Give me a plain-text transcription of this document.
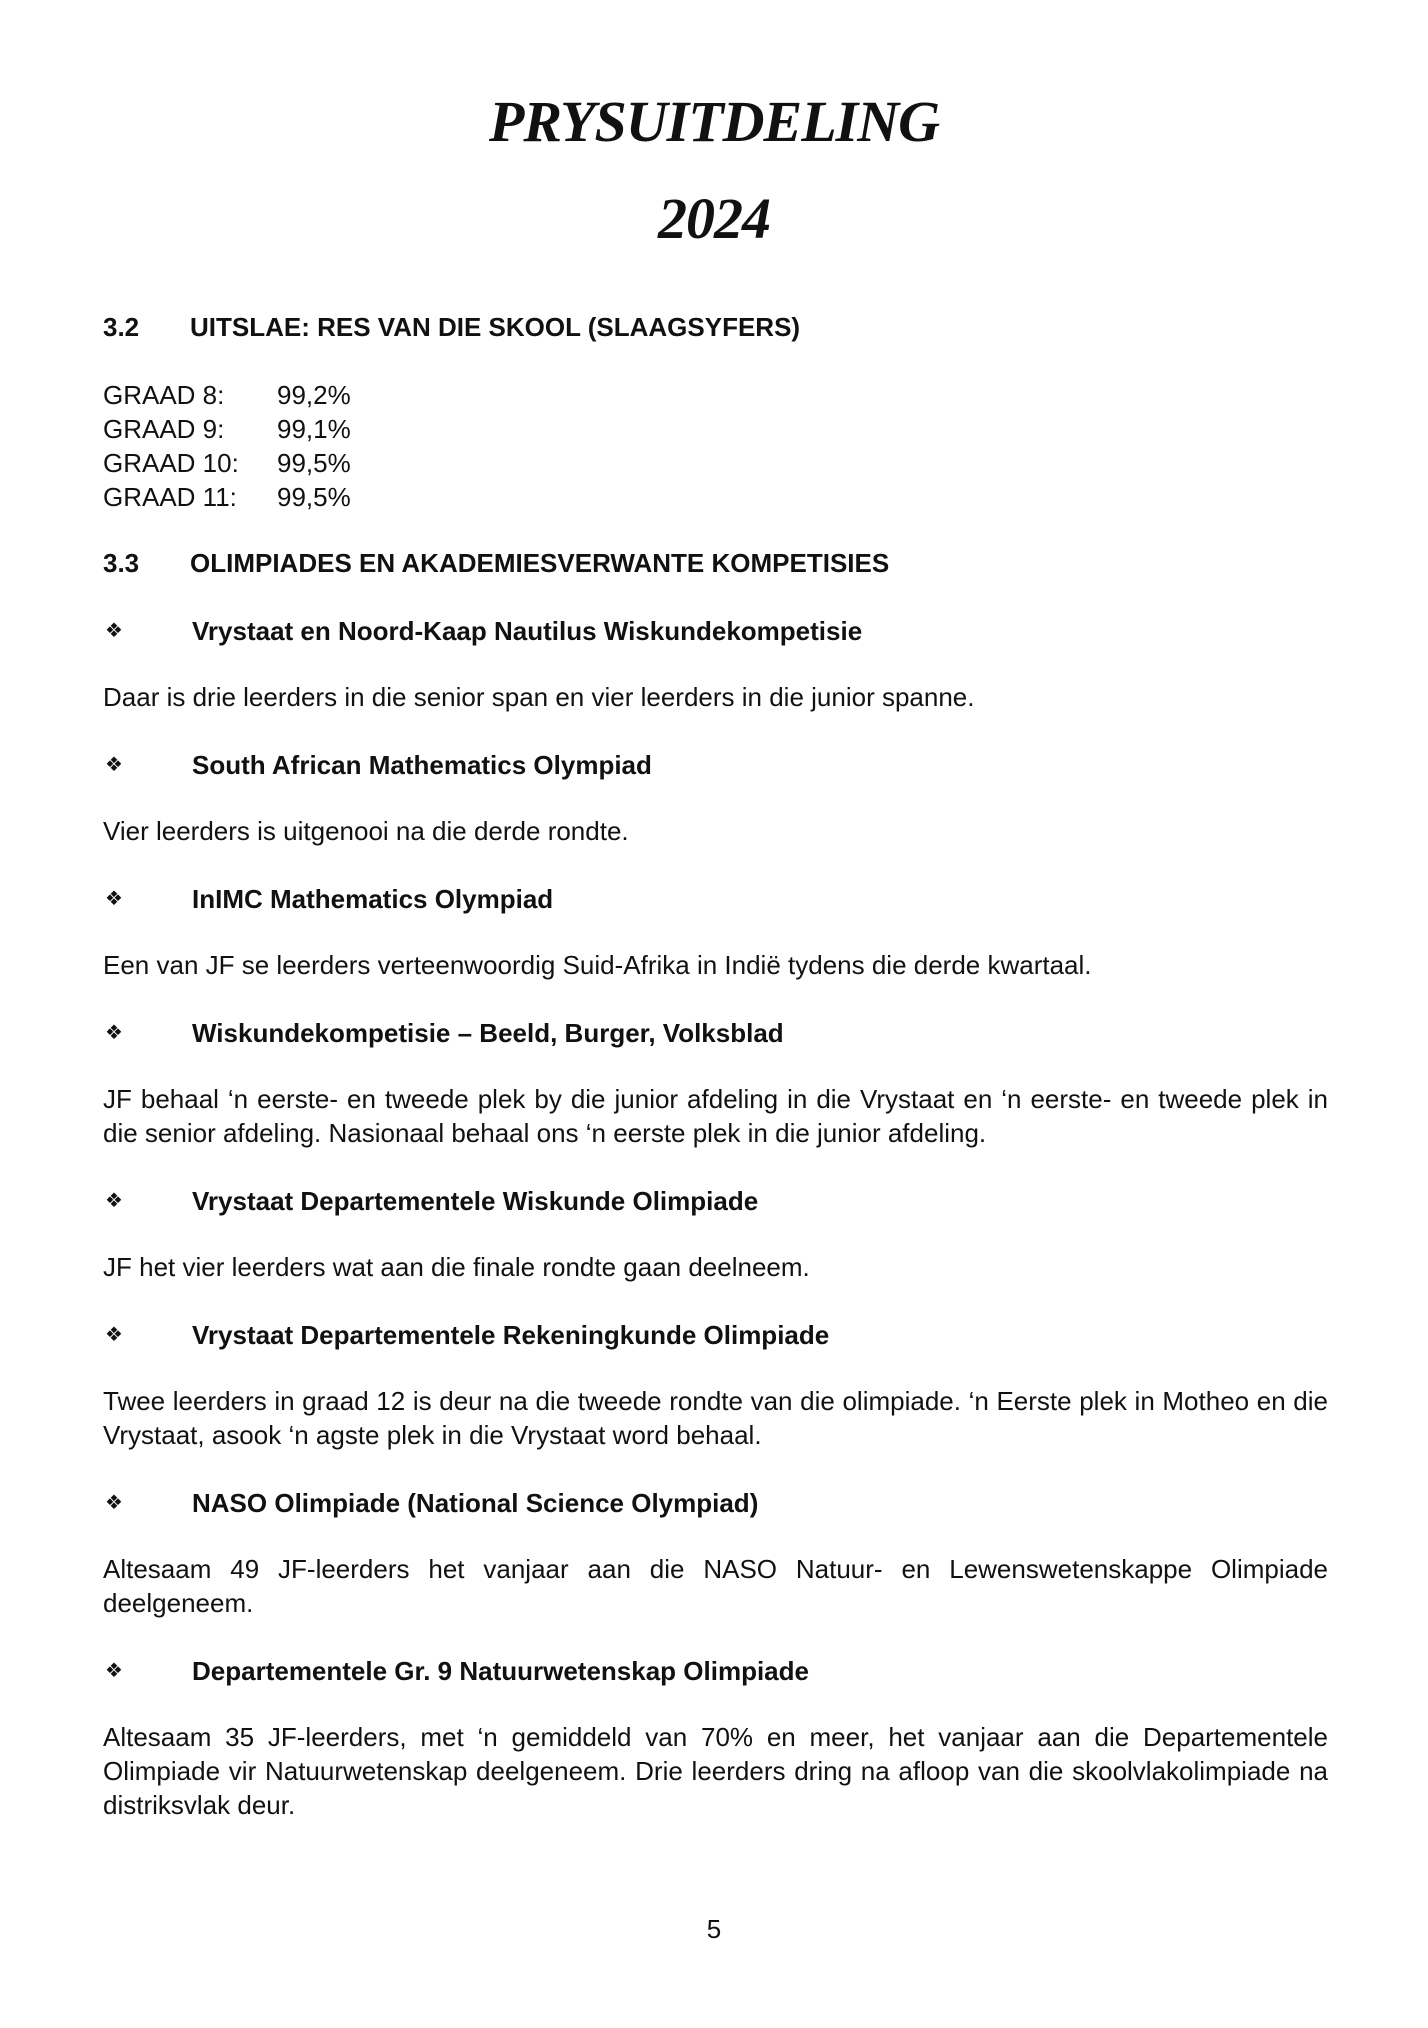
PRYSUITDELING
2024
3.2	UITSLAE: RES VAN DIE SKOOL (SLAAGSYFERS)
GRAAD 8:	99,2%
GRAAD 9:	99,1%
GRAAD 10:	99,5%
GRAAD 11:	99,5%
3.3	OLIMPIADES EN AKADEMIESVERWANTE KOMPETISIES
❖	Vrystaat en Noord-Kaap Nautilus Wiskundekompetisie
Daar is drie leerders in die senior span en vier leerders in die junior spanne.
❖	South African Mathematics Olympiad
Vier leerders is uitgenooi na die derde rondte.
❖	InIMC Mathematics Olympiad
Een van JF se leerders verteenwoordig Suid-Afrika in Indië tydens die derde kwartaal.
❖	Wiskundekompetisie – Beeld, Burger, Volksblad
JF behaal ‘n eerste- en tweede plek by die junior afdeling in die Vrystaat en ‘n eerste- en tweede plek in die senior afdeling. Nasionaal behaal ons ‘n eerste plek in die junior afdeling.
❖	Vrystaat Departementele Wiskunde Olimpiade
JF het vier leerders wat aan die finale rondte gaan deelneem.
❖	Vrystaat Departementele Rekeningkunde Olimpiade
Twee leerders in graad 12 is deur na die tweede rondte van die olimpiade. ‘n Eerste plek in Motheo en die Vrystaat, asook ‘n agste plek in die Vrystaat word behaal.
❖	NASO Olimpiade (National Science Olympiad)
Altesaam 49 JF-leerders het vanjaar aan die NASO Natuur- en Lewenswetenskappe Olimpiade deelgeneem.
❖	Departementele Gr. 9 Natuurwetenskap Olimpiade
Altesaam 35 JF-leerders, met ‘n gemiddeld van 70% en meer, het vanjaar aan die Departementele Olimpiade vir Natuurwetenskap deelgeneem. Drie leerders dring na afloop van die skoolvlakolimpiade na distriksvlak deur.
5
